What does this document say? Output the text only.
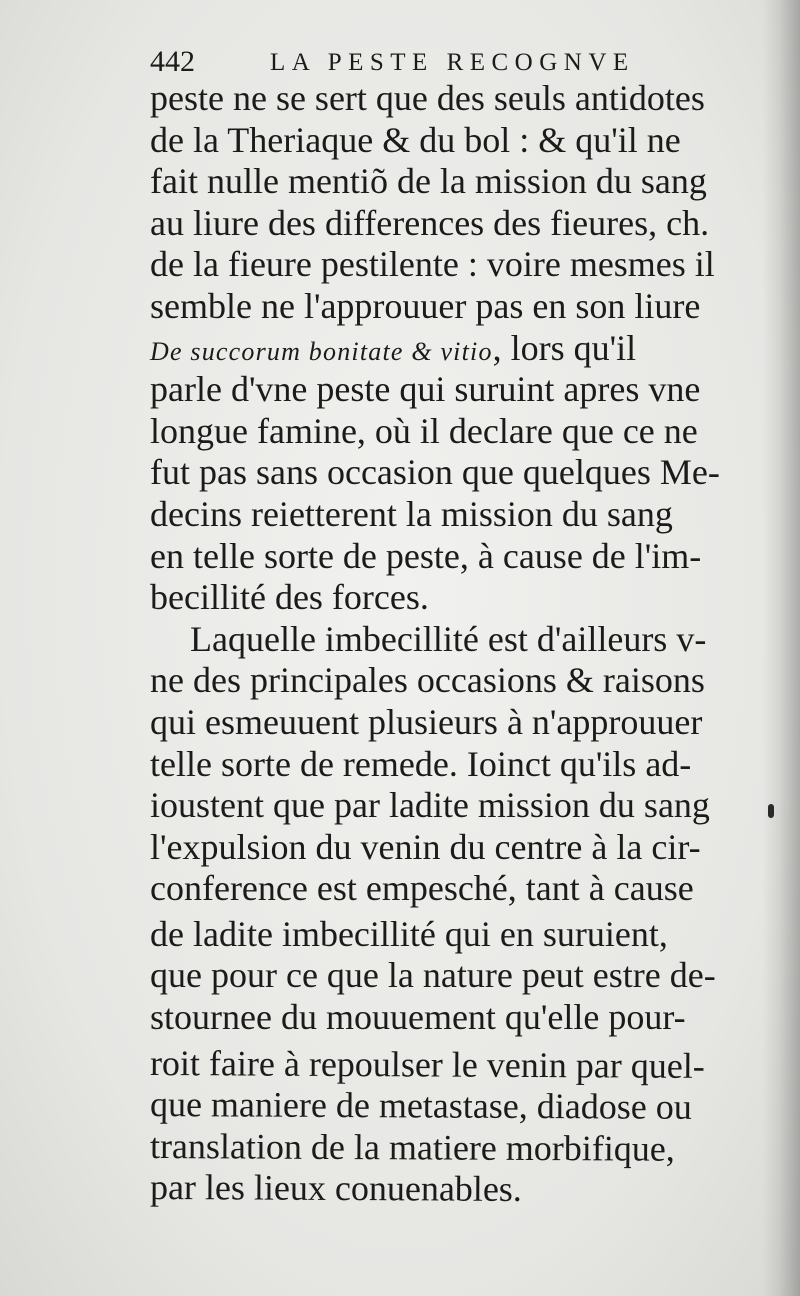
442	LA PESTE RECOGNVE
peste ne se sert que des seuls antidotes
de la Theriaque & du bol : & qu'il ne
fait nulle mentiõ de la mission du sang
au liure des differences des fieures, ch.
de la fieure pestilente : voire mesmes il
semble ne l'approuuer pas en son liure
De succorum bonitate & vitio, lors qu'il
parle d'vne peste qui suruint apres vne
longue famine, où il declare que ce ne
fut pas sans occasion que quelques Me-
decins reietterent la mission du sang
en telle sorte de peste, à cause de l'im-
becillité des forces.
Laquelle imbecillité est d'ailleurs v-
ne des principales occasions & raisons
qui esmeuuent plusieurs à n'approuuer
telle sorte de remede. Ioinct qu'ils ad-
ioustent que par ladite mission du sang
l'expulsion du venin du centre à la cir-
conference est empesché, tant à cause
de ladite imbecillité qui en suruient,
que pour ce que la nature peut estre de-
stournee du mouuement qu'elle pour-
roit faire à repoulser le venin par quel-
que maniere de metastase, diadose ou
translation de la matiere morbifique,
par les lieux conuenables.
